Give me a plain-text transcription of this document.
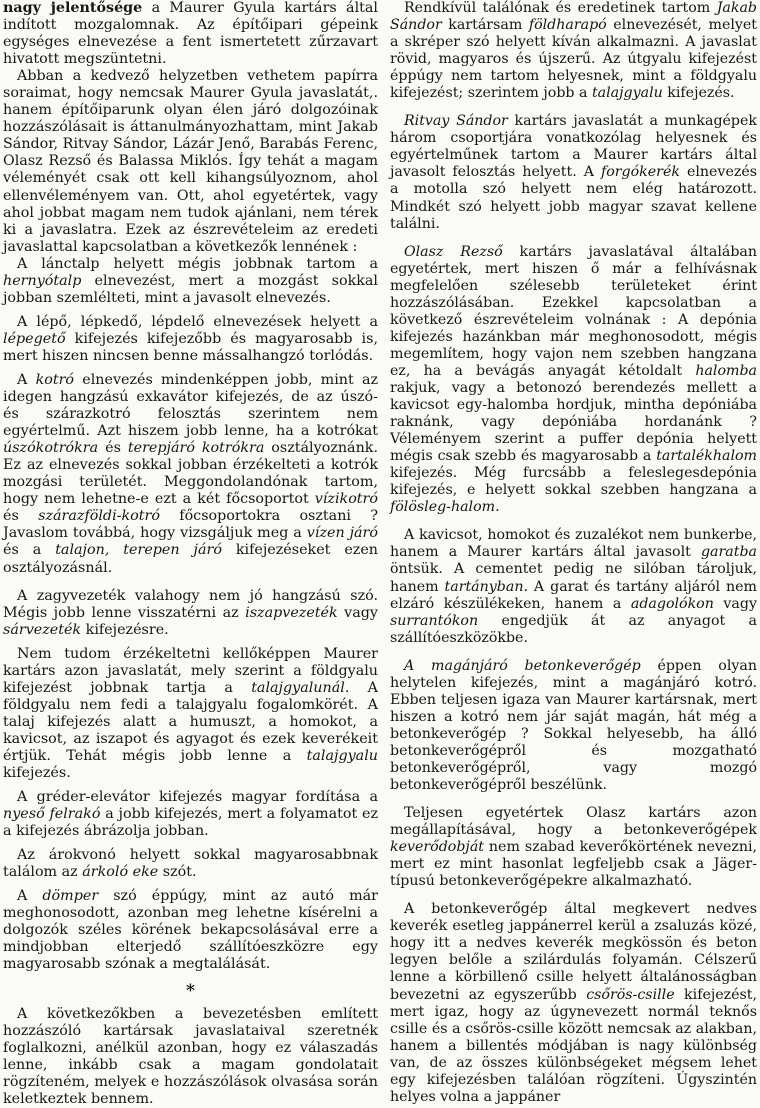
nagy jelentősége a Maurer Gyula kartárs által indított mozgalomnak. Az építőipari gépeink egységes elnevezése a fent ismertetett zűrzavart hivatott megszüntetni.

Abban a kedvező helyzetben vethetem papírra soraimat, hogy nemcsak Maurer Gyula javaslatát,. hanem építőiparunk olyan élen járó dolgozóinak hozzászólásait is áttanulmányozhattam, mint Jakab Sándor, Ritvay Sándor, Lázár Jenő, Barabás Ferenc, Olasz Rezső és Balassa Miklós. Így tehát a magam véleményét csak ott kell kihangsúlyoznom, ahol ellenvéleményem van. Ott, ahol egyetértek, vagy ahol jobbat magam nem tudok ajánlani, nem térek ki a javaslatra. Ezek az észrevételeim az eredeti javaslattal kapcsolatban a következők lennének :

A lánctalp helyett mégis jobbnak tartom a hernyótalp elnevezést, mert a mozgást sokkal jobban szemlélteti, mint a javasolt elnevezés.

A lépő, lépkedő, lépdelő elnevezések helyett a lépegető kifejezés kifejezőbb és magyarosabb is, mert hiszen nincsen benne mássalhangzó torlódás.

A kotró elnevezés mindenképpen jobb, mint az idegen hangzású exkavátor kifejezés, de az úszó- és szárazkotró felosztás szerintem nem egyértelmű. Azt hiszem jobb lenne, ha a kotrókat úszókotrókra és terepjáró kotrókra osztályoznánk. Ez az elnevezés sokkal jobban érzékelteti a kotrók mozgási területét. Meggondolandónak tartom, hogy nem lehetne-e ezt a két főcsoportot vízikotró és szárazföldi-kotró főcsoportokra osztani ? Javaslom továbbá, hogy vizsgáljuk meg a vízen járó és a talajon, terepen járó kifejezéseket ezen osztályozásnál.

A zagyvezeték valahogy nem jó hangzású szó. Mégis jobb lenne visszatérni az iszapvezeték vagy sárvezeték kifejezésre.

Nem tudom érzékeltetni kellőképpen Maurer kartárs azon javaslatát, mely szerint a földgyalu kifejezést jobbnak tartja a talajgyalunál. A földgyalu nem fedi a talajgyalu fogalomkörét. A talaj kifejezés alatt a humuszt, a homokot, a kavicsot, az iszapot és agyagot és ezek keverékeit értjük. Tehát mégis jobb lenne a talajgyalu kifejezés.

A gréder-elevátor kifejezés magyar fordítása a nyeső felrakó a jobb kifejezés, mert a folyamatot ez a kifejezés ábrázolja jobban.

Az árokvonó helyett sokkal magyarosabbnak találom az árkoló eke szót.

A dömper szó éppúgy, mint az autó már meghonosodott, azonban meg lehetne kísérelni a dolgozók széles körének bekapcsolásával erre a mindjobban elterjedő szállítóeszközre egy magyarosabb szónak a megtalálását.

*

A következőkben a bevezetésben említett hozzászóló kartársak javaslataival szeretnék foglalkozni, anélkül azonban, hogy ez válaszadás lenne, inkább csak a magam gondolatait rögzíteném, melyek e hozzászólások olvasása során keletkeztek bennem.

Rendkívül találónak és eredetinek tartom Jakab Sándor kartársam földharapó elnevezését, melyet a skréper szó helyett kíván alkalmazni. A javaslat rövid, magyaros és újszerű. Az útgyalu kifejezést éppúgy nem tartom helyesnek, mint a földgyalu kifejezést; szerintem jobb a talajgyalu kifejezés.

Ritvay Sándor kartárs javaslatát a munkagépek három csoportjára vonatkozólag helyesnek és egyértelműnek tartom a Maurer kartárs által javasolt felosztás helyett. A forgókerék elnevezés a motolla szó helyett nem elég határozott. Mindkét szó helyett jobb magyar szavat kellene találni.

Olasz Rezső kartárs javaslatával általában egyetértek, mert hiszen ő már a felhívásnak megfelelően szélesebb területeket érint hozzászólásában. Ezekkel kapcsolatban a következő észrevételeim volnának : A depónia kifejezés hazánkban már meghonosodott, mégis megemlítem, hogy vajon nem szebben hangzana ez, ha a bevágás anyagát kétoldalt halomba rakjuk, vagy a betonozó berendezés mellett a kavicsot egy-halomba hordjuk, mintha depóniába raknánk, vagy depóniába hordanánk ? Véleményem szerint a puffer depónia helyett mégis csak szebb és magyarosabb a tartalékhalom kifejezés. Még furcsább a feleslegesdepónia kifejezés, e helyett sokkal szebben hangzana a fölösleg-halom.

A kavicsot, homokot és zuzalékot nem bunkerbe, hanem a Maurer kartárs által javasolt garatba öntsük. A cementet pedig ne silóban tároljuk, hanem tartányban. A garat és tartány aljáról nem elzáró készülékeken, hanem a adagolókon vagy surrantókon engedjük át az anyagot a szállítóeszközökbe.

A magánjáró betonkeverőgép éppen olyan helytelen kifejezés, mint a magánjáró kotró. Ebben teljesen igaza van Maurer kartársnak, mert hiszen a kotró nem jár saját magán, hát még a betonkeverőgép ? Sokkal helyesebb, ha álló betonkeverőgépről és mozgatható betonkeverőgépről, vagy mozgó betonkeverőgépről beszélünk.

Teljesen egyetértek Olasz kartárs azon megállapításával, hogy a betonkeverőgépek keverődobját nem szabad keverőkörtének nevezni, mert ez mint hasonlat legfeljebb csak a Jäger-típusú betonkeverőgépekre alkalmazható.

A betonkeverőgép által megkevert nedves keverék esetleg jappánerrel kerül a zsaluzás közé, hogy itt a nedves keverék megkössön és beton legyen belőle a szilárdulás folyamán. Célszerű lenne a körbillenő csille helyett általánosságban bevezetni az egyszerűbb csőrös-csille kifejezést, mert igaz, hogy az úgynevezett normál teknős csille és a csőrös-csille között nemcsak az alakban, hanem a billentés módjában is nagy különbség van, de az összes különbségeket mégsem lehet egy kifejezésben találóan rögzíteni. Úgyszintén helyes volna a jappáner
